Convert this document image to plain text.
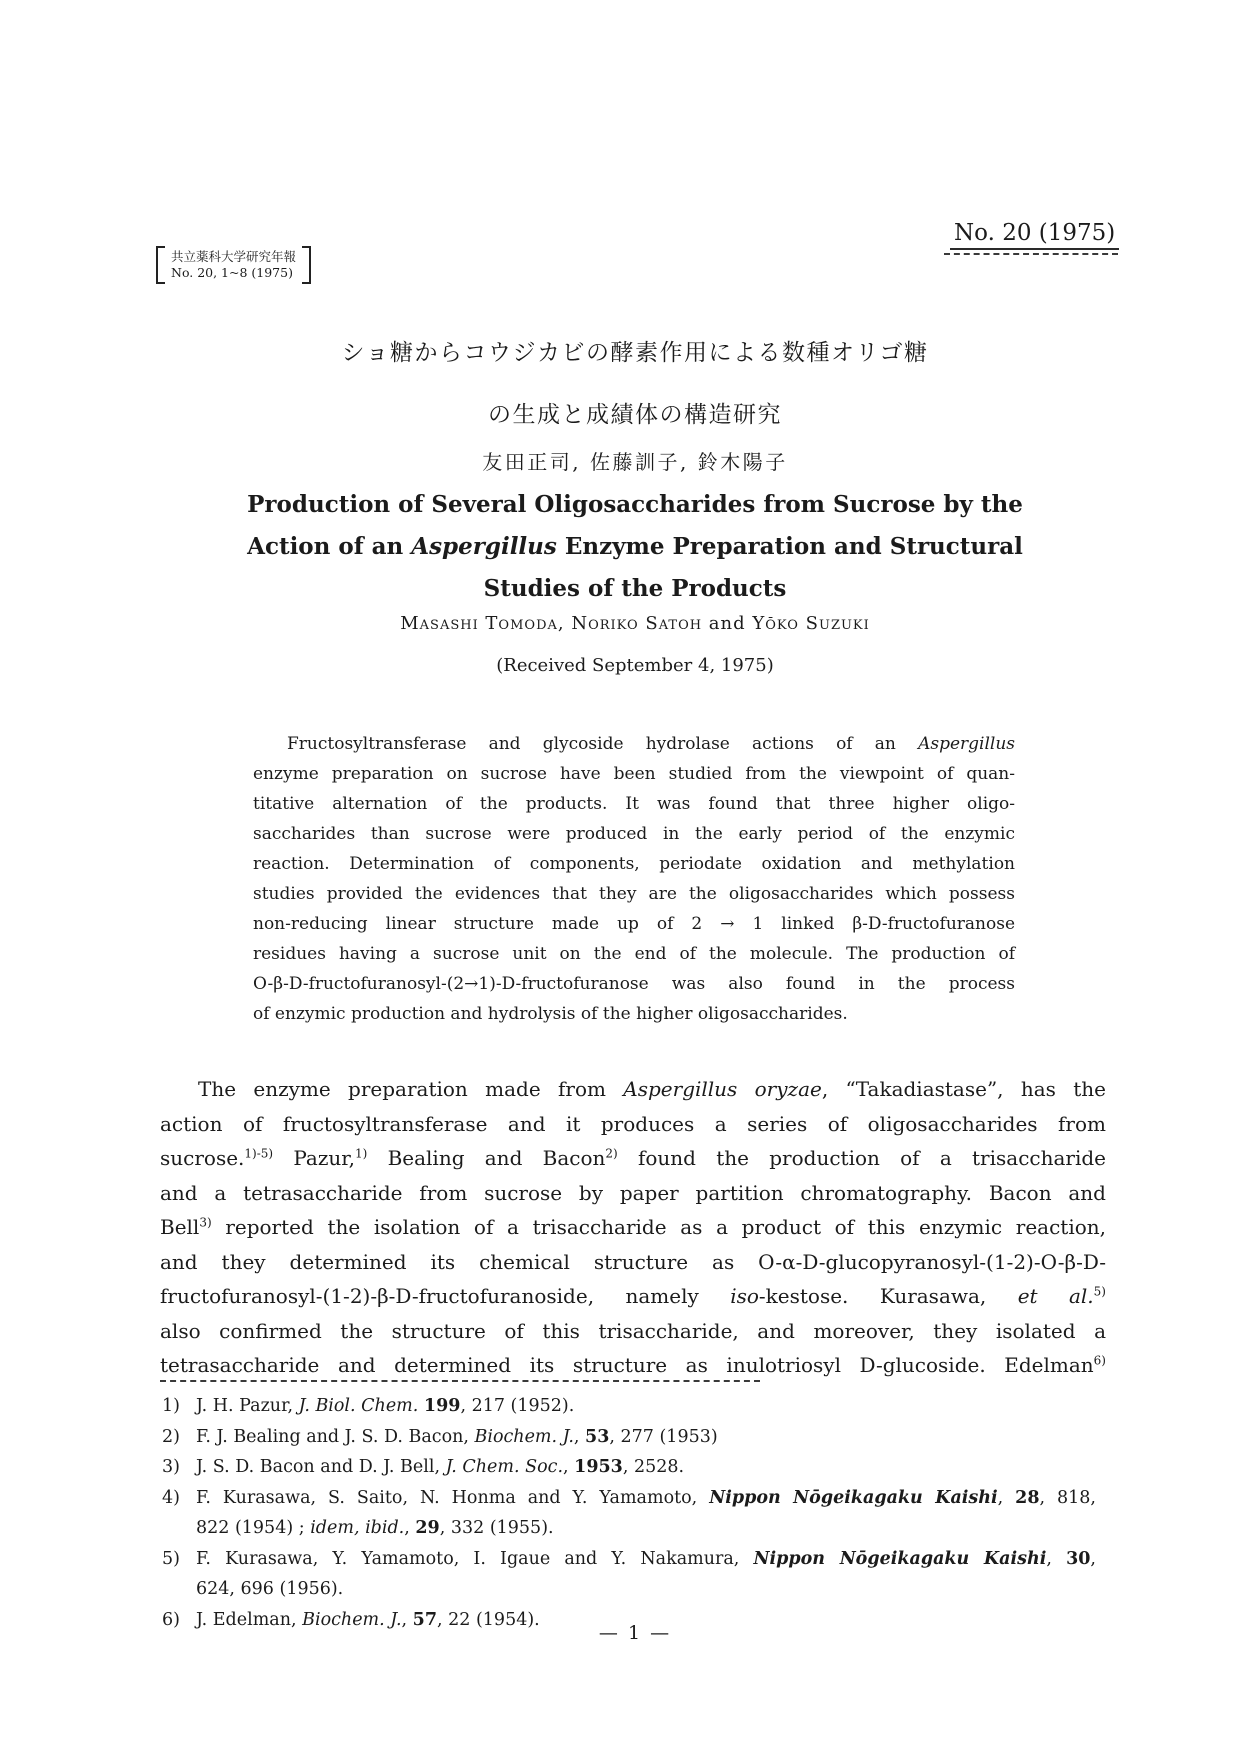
No. 20 (1975)
共立薬科大学研究年報
No. 20, 1~8 (1975)
ショ糖からコウジカビの酵素作用による数種オリゴ糖
の生成と成績体の構造研究
友田正司, 佐藤訓子, 鈴木陽子
Production of Several Oligosaccharides from Sucrose by the
Action of an Aspergillus Enzyme Preparation and Structural
Studies of the Products
Masashi Tomoda, Noriko Satoh and Yōko Suzuki
(Received September 4, 1975)
Fructosyltransferase and glycoside hydrolase actions of an Aspergillus
enzyme preparation on sucrose have been studied from the viewpoint of quan-
titative alternation of the products. It was found that three higher oligo-
saccharides than sucrose were produced in the early period of the enzymic
reaction. Determination of components, periodate oxidation and methylation
studies provided the evidences that they are the oligosaccharides which possess
non-reducing linear structure made up of 2 → 1 linked β-D-fructofuranose
residues having a sucrose unit on the end of the molecule. The production of
O-β-D-fructofuranosyl-(2→1)-D-fructofuranose was also found in the process
of enzymic production and hydrolysis of the higher oligosaccharides.
The enzyme preparation made from Aspergillus oryzae, “Takadiastase”, has the
action of fructosyltransferase and it produces a series of oligosaccharides from
sucrose.$^{1)-5)}$ Pazur,$^{1)}$ Bealing and Bacon$^{2)}$ found the production of a trisaccharide
and a tetrasaccharide from sucrose by paper partition chromatography. Bacon and
Bell$^{3)}$ reported the isolation of a trisaccharide as a product of this enzymic reaction,
and they determined its chemical structure as O-α-D-glucopyranosyl-(1-2)-O-β-D-
fructofuranosyl-(1-2)-β-D-fructofuranoside, namely iso-kestose. Kurasawa, et al.$^{5)}$
also confirmed the structure of this trisaccharide, and moreover, they isolated a
tetrasaccharide and determined its structure as inulotriosyl D-glucoside. Edelman$^{6)}$
1) J. H. Pazur, J. Biol. Chem. 199, 217 (1952).
2) F. J. Bealing and J. S. D. Bacon, Biochem. J., 53, 277 (1953)
3) J. S. D. Bacon and D. J. Bell, J. Chem. Soc., 1953, 2528.
4) F. Kurasawa, S. Saito, N. Honma and Y. Yamamoto, Nippon Nōgeikagaku Kaishi, 28, 818,
822 (1954) ; idem, ibid., 29, 332 (1955).
5) F. Kurasawa, Y. Yamamoto, I. Igaue and Y. Nakamura, Nippon Nōgeikagaku Kaishi, 30,
624, 696 (1956).
6) J. Edelman, Biochem. J., 57, 22 (1954).
— 1 —
